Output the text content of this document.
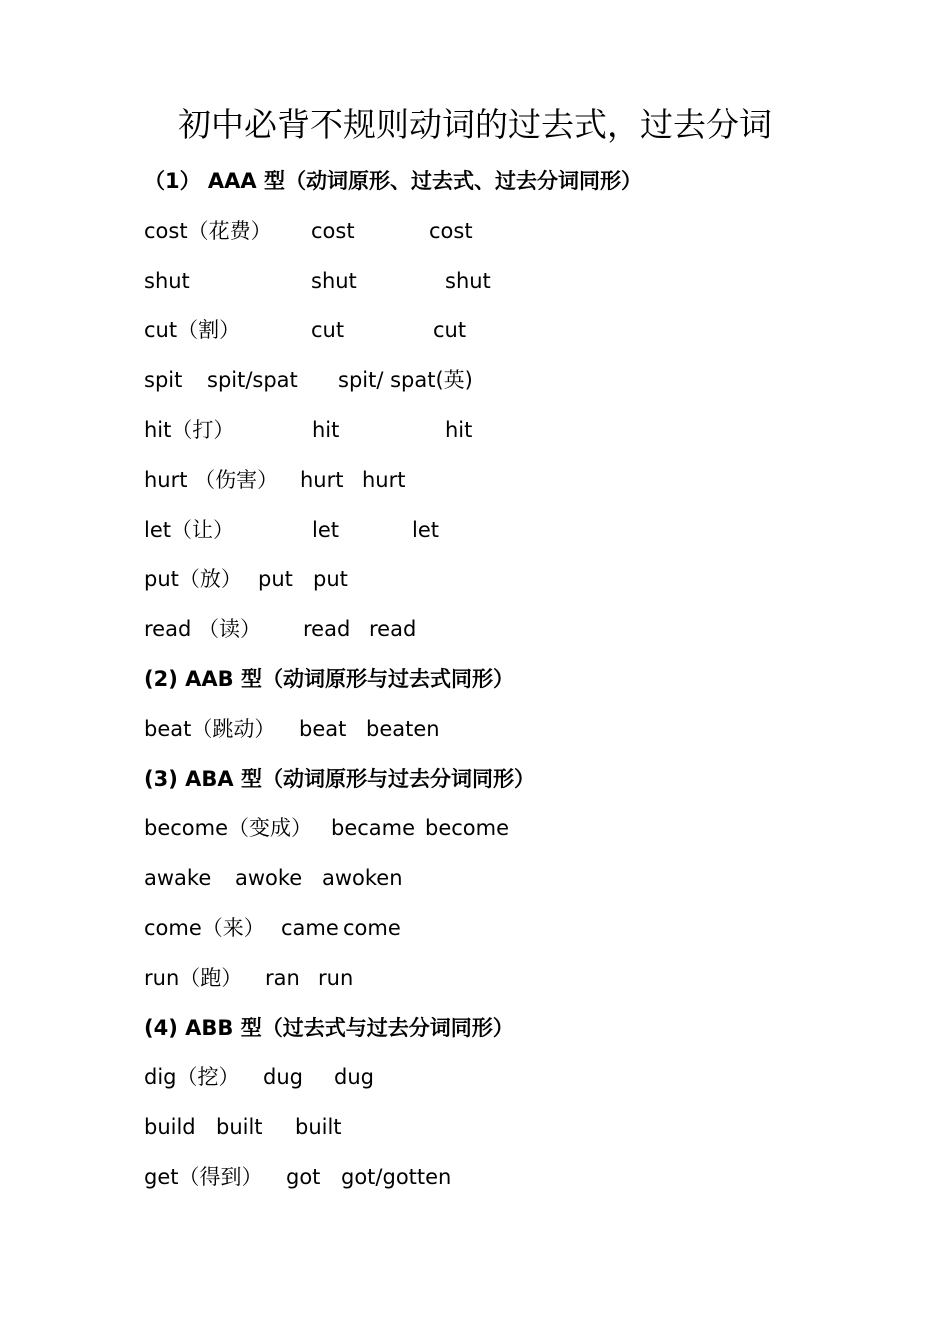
初中必背不规则动词的过去式，过去分词
（1） AAA 型（动词原形、过去式、过去分词同形）
cost（花费） cost	cost
shut	shut	shut
cut（割）	cut	cut
spit spit/spat spit/ spat(英)
hit（打）	hit	hit
hurt （伤害） hurt hurt
let（让）	let	let
put（放） put put
read （读） read read
(2) AAB 型（动词原形与过去式同形）
beat（跳动） beat beaten
(3) ABA 型（动词原形与过去分词同形）
become（变成） became become
awake awoke awoken
come（来） came come
run（跑） ran run
(4) ABB 型（过去式与过去分词同形）
dig（挖） dug dug
build built built
get（得到） got got/gotten
